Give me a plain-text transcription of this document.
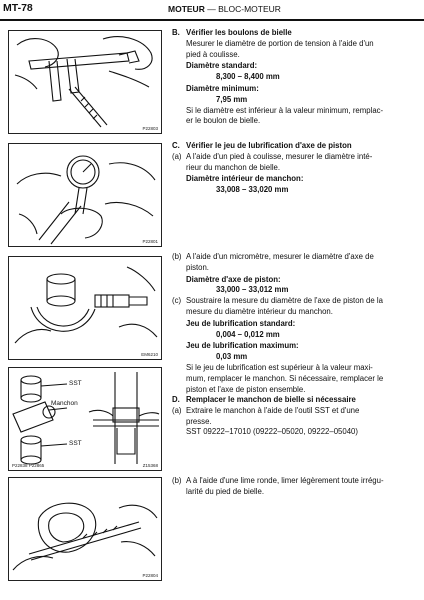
MT-78	MOTEUR — BLOC-MOTEUR
P22803
P22801
EM6210
SST
Manchon
SST
P22838 P22865	Z15368
P22804
B. Vérifier les boulons de bielle
Mesurer le diamètre de portion de tension à l'aide d'un
pied à coulisse.
Diamètre standard:
8,300 – 8,400 mm
Diamètre minimum:
7,95 mm
Si le diamètre est inférieur à la valeur minimum, remplac-
er le boulon de bielle.
C. Vérifier le jeu de lubrification d'axe de piston
(a) A l'aide d'un pied à coulisse, mesurer le diamètre inté-
rieur du manchon de bielle.
Diamètre intérieur de manchon:
33,008 – 33,020 mm
(b) A l'aide d'un micromètre, mesurer le diamètre d'axe de
piston.
Diamètre d'axe de piston:
33,000 – 33,012 mm
(c) Soustraire la mesure du diamètre de l'axe de piston de la
mesure du diamètre intérieur du manchon.
Jeu de lubrification standard:
0,004 – 0,012 mm
Jeu de lubrification maximum:
0,03 mm
Si le jeu de lubrification est supérieur à la valeur maxi-
mum, remplacer le manchon. Si nécessaire, remplacer le
piston et l'axe de piston ensemble.
D. Remplacer le manchon de bielle si nécessaire
(a) Extraire le manchon à l'aide de l'outil SST et d'une
presse.
SST 09222–17010 (09222–05020, 09222–05040)
(b) A à l'aide d'une lime ronde, limer légèrement toute irrégu-
larité du pied de bielle.
